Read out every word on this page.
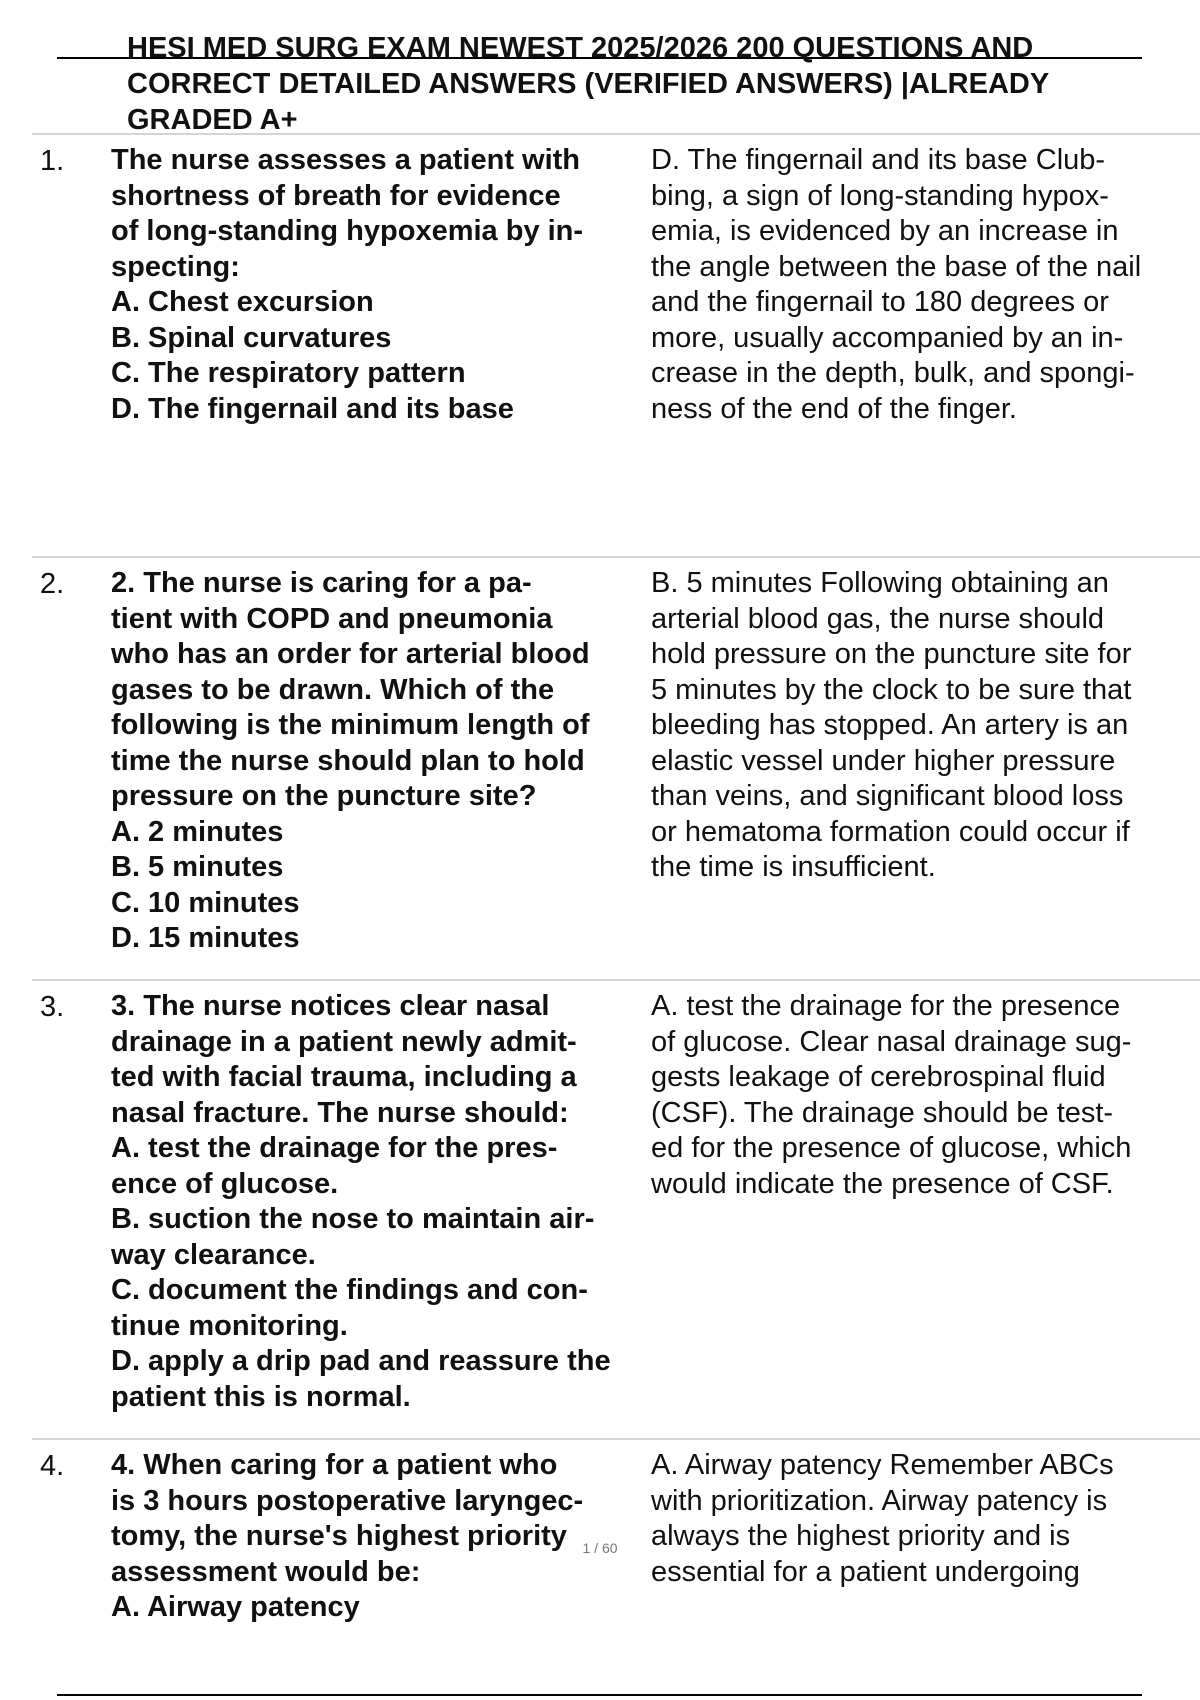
HESI MED SURG EXAM NEWEST 2025/2026 200 QUESTIONS AND
CORRECT DETAILED ANSWERS (VERIFIED ANSWERS) |ALREADY
GRADED A+
1. The nurse assesses a patient with
shortness of breath for evidence
of long-standing hypoxemia by in-
specting:
A. Chest excursion
B. Spinal curvatures
C. The respiratory pattern
D. The fingernail and its base
D. The fingernail and its base Club-
bing, a sign of long-standing hypox-
emia, is evidenced by an increase in
the angle between the base of the nail
and the fingernail to 180 degrees or
more, usually accompanied by an in-
crease in the depth, bulk, and spongi-
ness of the end of the finger.
2. 2. The nurse is caring for a pa-
tient with COPD and pneumonia
who has an order for arterial blood
gases to be drawn. Which of the
following is the minimum length of
time the nurse should plan to hold
pressure on the puncture site?
A. 2 minutes
B. 5 minutes
C. 10 minutes
D. 15 minutes
B. 5 minutes Following obtaining an
arterial blood gas, the nurse should
hold pressure on the puncture site for
5 minutes by the clock to be sure that
bleeding has stopped. An artery is an
elastic vessel under higher pressure
than veins, and significant blood loss
or hematoma formation could occur if
the time is insufficient.
3. 3. The nurse notices clear nasal
drainage in a patient newly admit-
ted with facial trauma, including a
nasal fracture. The nurse should:
A. test the drainage for the pres-
ence of glucose.
B. suction the nose to maintain air-
way clearance.
C. document the findings and con-
tinue monitoring.
D. apply a drip pad and reassure the
patient this is normal.
A. test the drainage for the presence
of glucose. Clear nasal drainage sug-
gests leakage of cerebrospinal fluid
(CSF). The drainage should be test-
ed for the presence of glucose, which
would indicate the presence of CSF.
4. 4. When caring for a patient who
is 3 hours postoperative laryngec-
tomy, the nurse's highest priority
assessment would be:
A. Airway patency
A. Airway patency Remember ABCs
with prioritization. Airway patency is
always the highest priority and is
essential for a patient undergoing
1 / 60
